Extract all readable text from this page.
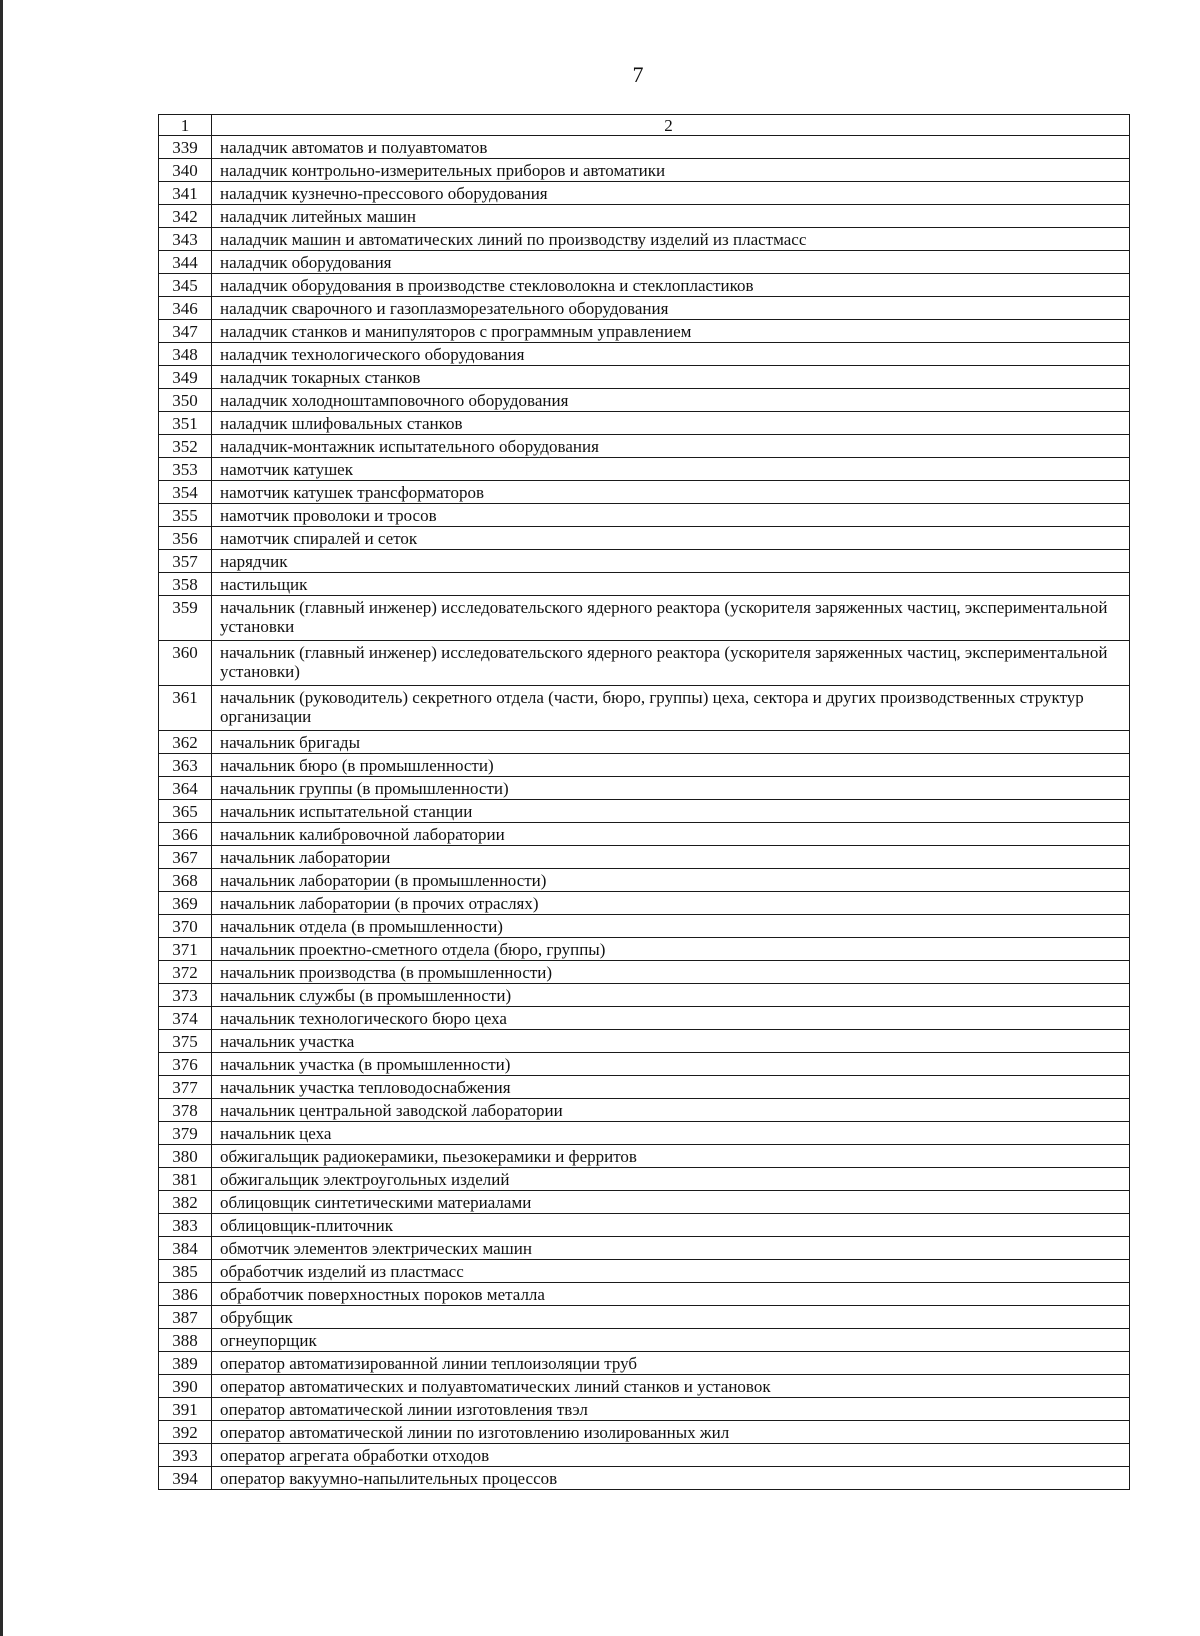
7
1	2
339	наладчик автоматов и полуавтоматов
340	наладчик контрольно-измерительных приборов и автоматики
341	наладчик кузнечно-прессового оборудования
342	наладчик литейных машин
343	наладчик машин и автоматических линий по производству изделий из пластмасс
344	наладчик оборудования
345	наладчик оборудования в производстве стекловолокна и стеклопластиков
346	наладчик сварочного и газоплазморезательного оборудования
347	наладчик станков и манипуляторов с программным управлением
348	наладчик технологического оборудования
349	наладчик токарных станков
350	наладчик холодноштамповочного оборудования
351	наладчик шлифовальных станков
352	наладчик-монтажник испытательного оборудования
353	намотчик катушек
354	намотчик катушек трансформаторов
355	намотчик проволоки и тросов
356	намотчик спиралей и сеток
357	нарядчик
358	настильщик
359	начальник (главный инженер) исследовательского ядерного реактора (ускорителя заряженных частиц, экспериментальной установки
360	начальник (главный инженер) исследовательского ядерного реактора (ускорителя заряженных частиц, экспериментальной установки)
361	начальник (руководитель) секретного отдела (части, бюро, группы) цеха, сектора и других производственных структур организации
362	начальник бригады
363	начальник бюро (в промышленности)
364	начальник группы (в промышленности)
365	начальник испытательной станции
366	начальник калибровочной лаборатории
367	начальник лаборатории
368	начальник лаборатории (в промышленности)
369	начальник лаборатории (в прочих отраслях)
370	начальник отдела (в промышленности)
371	начальник проектно-сметного отдела (бюро, группы)
372	начальник производства (в промышленности)
373	начальник службы (в промышленности)
374	начальник технологического бюро цеха
375	начальник участка
376	начальник участка (в промышленности)
377	начальник участка тепловодоснабжения
378	начальник центральной заводской лаборатории
379	начальник цеха
380	обжигальщик радиокерамики, пьезокерамики и ферритов
381	обжигальщик электроугольных изделий
382	облицовщик синтетическими материалами
383	облицовщик-плиточник
384	обмотчик элементов электрических машин
385	обработчик изделий из пластмасс
386	обработчик поверхностных пороков металла
387	обрубщик
388	огнеупорщик
389	оператор автоматизированной линии теплоизоляции труб
390	оператор автоматических и полуавтоматических линий станков и установок
391	оператор автоматической линии изготовления твэл
392	оператор автоматической линии по изготовлению изолированных жил
393	оператор агрегата обработки отходов
394	оператор вакуумно-напылительных процессов
